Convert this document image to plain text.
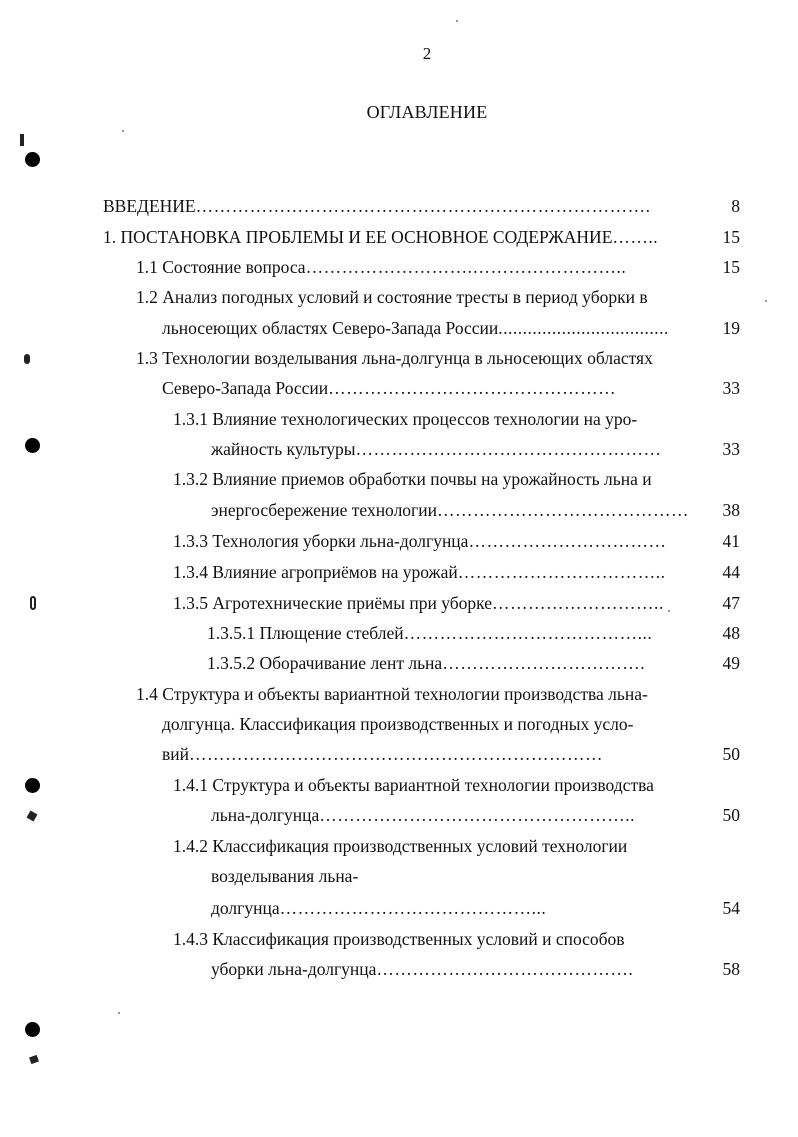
2
ОГЛАВЛЕНИЕ
ВВЕДЕНИЕ………………………………………………………………….	8
1. ПОСТАНОВКА ПРОБЛЕМЫ И ЕЕ ОСНОВНОЕ СОДЕРЖАНИЕ……..	15
1.1 Состояние вопроса……………………….……………………..	15
1.2 Анализ погодных условий и состояние тресты в период уборки в
льносеющих областях Северо-Запада России...................................	19
1.3 Технологии возделывания льна-долгунца в льносеющих областях
Северо-Запада России…………………………………………	33
1.3.1 Влияние технологических процессов технологии на уро-
жайность культуры……………………………………………	33
1.3.2 Влияние приемов обработки почвы на урожайность льна и
энергосбережение технологии……………………………………	38
1.3.3 Технология уборки льна-долгунца……………………………	41
1.3.4 Влияние агроприёмов на урожай……………………………..	44
1.3.5 Агротехнические приёмы при уборке………………………..	47
1.3.5.1 Плющение стеблей…………………………………...	48
1.3.5.2 Оборачивание лент льна…………………………….	49
1.4 Структура и объекты вариантной технологии производства льна-
долгунца. Классификация производственных и погодных усло-
вий……………………………………………………………	50
1.4.1 Структура и объекты вариантной технологии производства
льна-долгунца……………………………………………..	50
1.4.2 Классификация производственных условий технологии
возделывания льна-
долгунца……………………………………...	54
1.4.3 Классификация производственных условий и способов
уборки льна-долгунца…………………………………….	58
